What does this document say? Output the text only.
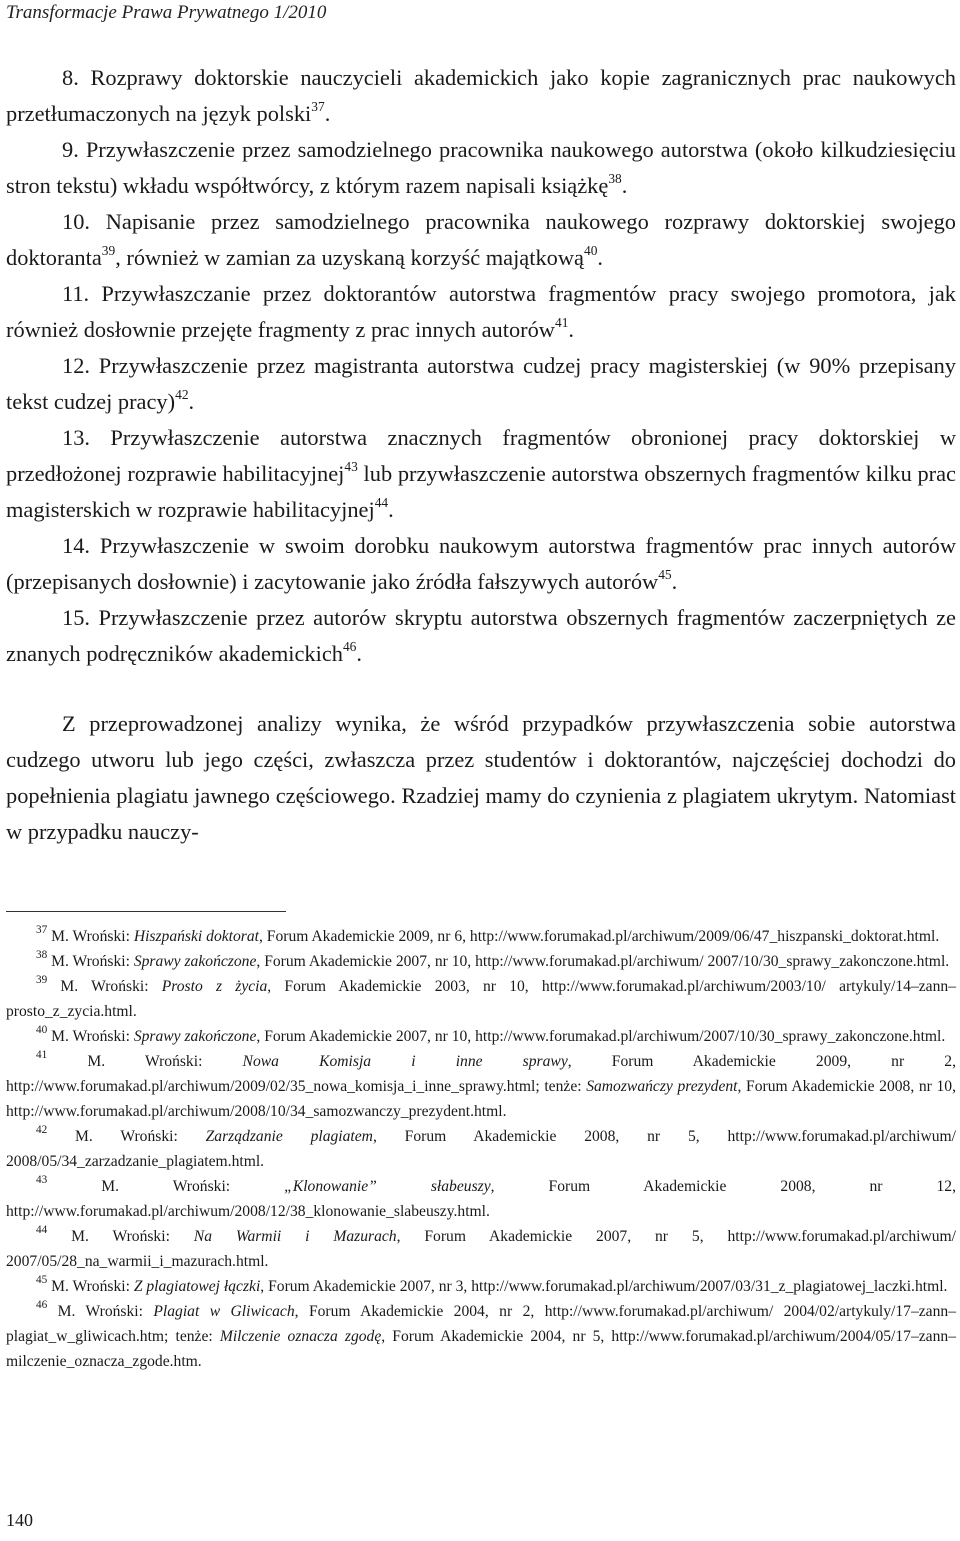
Transformacje Prawa Prywatnego 1/2010

8. Rozprawy doktorskie nauczycieli akademickich jako kopie zagranicznych prac naukowych przetłumaczonych na język polski$^{37}$.

9. Przywłaszczenie przez samodzielnego pracownika naukowego autorstwa (około kilkudziesięciu stron tekstu) wkładu współtwórcy, z którym razem napisali książkę$^{38}$.

10. Napisanie przez samodzielnego pracownika naukowego rozprawy doktorskiej swojego doktoranta$^{39}$, również w zamian za uzyskaną korzyść majątkową$^{40}$.

11. Przywłaszczanie przez doktorantów autorstwa fragmentów pracy swojego promotora, jak również dosłownie przejęte fragmenty z prac innych autorów$^{41}$.

12. Przywłaszczenie przez magistranta autorstwa cudzej pracy magisterskiej (w 90% przepisany tekst cudzej pracy)$^{42}$.

13. Przywłaszczenie autorstwa znacznych fragmentów obronionej pracy doktorskiej w przedłożonej rozprawie habilitacyjnej$^{43}$ lub przywłaszczenie autorstwa obszernych fragmentów kilku prac magisterskich w rozprawie habilitacyjnej$^{44}$.

14. Przywłaszczenie w swoim dorobku naukowym autorstwa fragmentów prac innych autorów (przepisanych dosłownie) i zacytowanie jako źródła fałszywych autorów$^{45}$.

15. Przywłaszczenie przez autorów skryptu autorstwa obszernych fragmentów zaczerpniętych ze znanych podręczników akademickich$^{46}$.

Z przeprowadzonej analizy wynika, że wśród przypadków przywłaszczenia sobie autorstwa cudzego utworu lub jego części, zwłaszcza przez studentów i doktorantów, najczęściej dochodzi do popełnienia plagiatu jawnego częściowego. Rzadziej mamy do czynienia z plagiatem ukrytym. Natomiast w przypadku nauczy-

$^{37}$ M. Wroński: Hiszpański doktorat, Forum Akademickie 2009, nr 6, http://www.forumakad.pl/archiwum/2009/06/47_hiszpanski_doktorat.html.
$^{38}$ M. Wroński: Sprawy zakończone, Forum Akademickie 2007, nr 10, http://www.forumakad.pl/archiwum/ 2007/10/30_sprawy_zakonczone.html.
$^{39}$ M. Wroński: Prosto z życia, Forum Akademickie 2003, nr 10, http://www.forumakad.pl/archiwum/2003/10/ artykuly/14–zann–prosto_z_zycia.html.
$^{40}$ M. Wroński: Sprawy zakończone, Forum Akademickie 2007, nr 10, http://www.forumakad.pl/archiwum/2007/10/30_sprawy_zakonczone.html.
$^{41}$ M. Wroński: Nowa Komisja i inne sprawy, Forum Akademickie 2009, nr 2, http://www.forumakad.pl/archiwum/2009/02/35_nowa_komisja_i_inne_sprawy.html; tenże: Samozwańczy prezydent, Forum Akademickie 2008, nr 10, http://www.forumakad.pl/archiwum/2008/10/34_samozwanczy_prezydent.html.
$^{42}$ M. Wroński: Zarządzanie plagiatem, Forum Akademickie 2008, nr 5, http://www.forumakad.pl/archiwum/ 2008/05/34_zarzadzanie_plagiatem.html.
$^{43}$ M. Wroński: „Klonowanie” słabeuszy, Forum Akademickie 2008, nr 12, http://www.forumakad.pl/archiwum/2008/12/38_klonowanie_slabeuszy.html.
$^{44}$ M. Wroński: Na Warmii i Mazurach, Forum Akademickie 2007, nr 5, http://www.forumakad.pl/archiwum/ 2007/05/28_na_warmii_i_mazurach.html.
$^{45}$ M. Wroński: Z plagiatowej łączki, Forum Akademickie 2007, nr 3, http://www.forumakad.pl/archiwum/2007/03/31_z_plagiatowej_laczki.html.
$^{46}$ M. Wroński: Plagiat w Gliwicach, Forum Akademickie 2004, nr 2, http://www.forumakad.pl/archiwum/ 2004/02/artykuly/17–zann–plagiat_w_gliwicach.htm; tenże: Milczenie oznacza zgodę, Forum Akademickie 2004, nr 5, http://www.forumakad.pl/archiwum/2004/05/17–zann–milczenie_oznacza_zgode.htm.
140
